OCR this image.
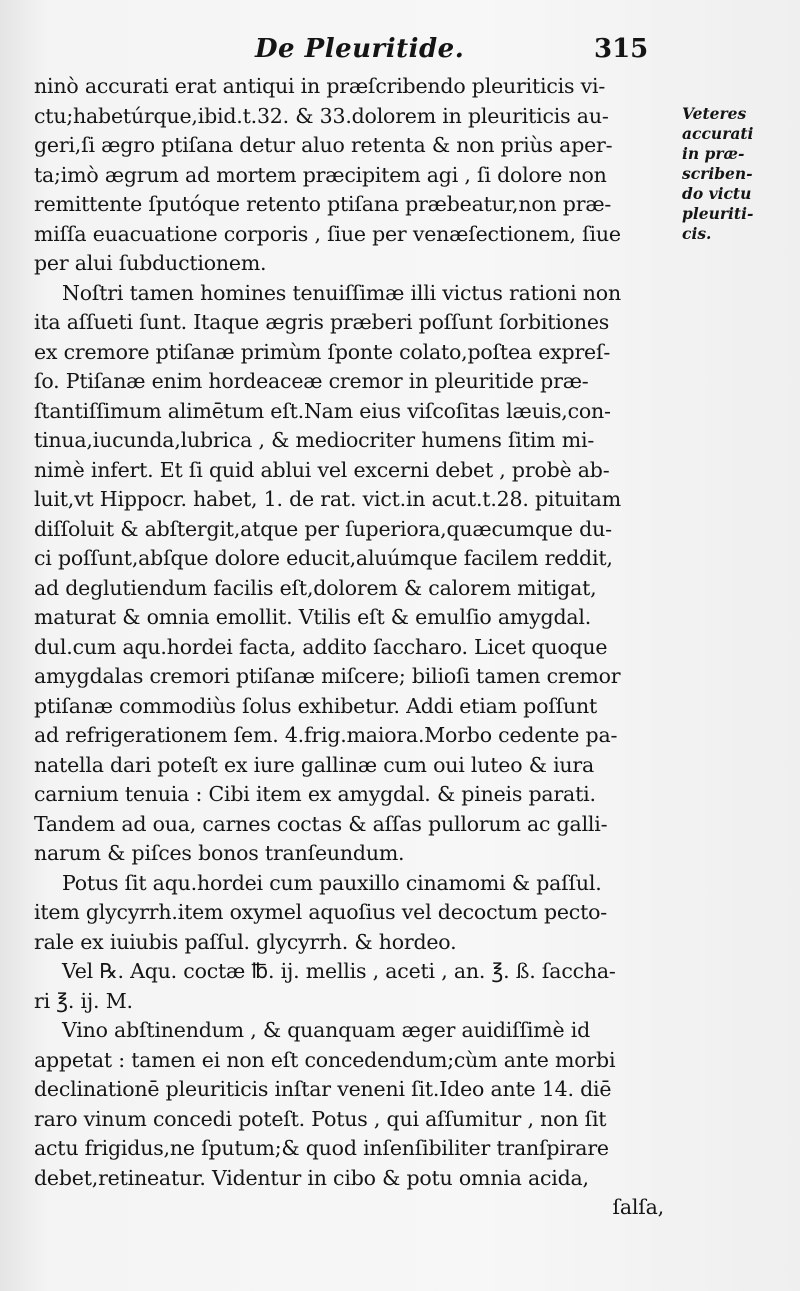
De Pleuritide.	315
ninò accurati erat antiqui in præſcribendo pleuriticis vi-
ctu;habetúrque,ibid.t.32. & 33.dolorem in pleuriticis au-
geri,ſi ægro ptiſana detur aluo retenta & non priùs aper-
ta;imò ægrum ad mortem præcipitem agi , ſi dolore non
remittente ſputóque retento ptiſana præbeatur,non præ-
miſſa euacuatione corporis , ſiue per venæſectionem, ſiue
per alui ſubductionem.
Noſtri tamen homines tenuiſſimæ illi victus rationi non
ita aſſueti ſunt. Itaque ægris præberi poſſunt ſorbitiones
ex cremore ptiſanæ primùm ſponte colato,poſtea expreſ-
ſo. Ptiſanæ enim hordeaceæ cremor in pleuritide præ-
ſtantiſſimum alimētum eſt.Nam eius viſcoſitas læuis,con-
tinua,iucunda,lubrica , & mediocriter humens ſitim mi-
nimè infert. Et ſi quid ablui vel excerni debet , probè ab-
luit,vt Hippocr. habet, 1. de rat. vict.in acut.t.28. pituitam
diſſoluit & abſtergit,atque per ſuperiora,quæcumque du-
ci poſſunt,abſque dolore educit,aluúmque facilem reddit,
ad deglutiendum facilis eſt,dolorem & calorem mitigat,
maturat & omnia emollit. Vtilis eſt & emulſio amygdal.
dul.cum aqu.hordei facta, addito ſaccharo. Licet quoque
amygdalas cremori ptiſanæ miſcere; bilioſi tamen cremor
ptiſanæ commodiùs ſolus exhibetur. Addi etiam poſſunt
ad refrigerationem ſem. 4.frig.maiora.Morbo cedente pa-
natella dari poteſt ex iure gallinæ cum oui luteo & iura
carnium tenuia : Cibi item ex amygdal. & pineis parati.
Tandem ad oua, carnes coctas & aſſas pullorum ac galli-
narum & piſces bonos tranſeundum.
Potus ſit aqu.hordei cum pauxillo cinamomi & paſſul.
item glycyrrh.item oxymel aquoſius vel decoctum pecto-
rale ex iuiubis paſſul. glycyrrh. & hordeo.
Vel ℞. Aqu. coctæ ℔. ij. mellis , aceti , an. ℥. ß. ſaccha-
ri ℥. ij. M.
Vino abſtinendum , & quanquam æger auidiſſimè id
appetat : tamen ei non eſt concedendum;cùm ante morbi
declinationē pleuriticis inſtar veneni ſit.Ideo ante 14. diē
raro vinum concedi poteſt. Potus , qui aſſumitur , non ſit
actu frigidus,ne ſputum;& quod inſenſibiliter tranſpirare
debet,retineatur. Videntur in cibo & potu omnia acida,
ſalſa,
Veteres
accurati
in præ-
scriben-
do victu
pleuriti-
cis.
